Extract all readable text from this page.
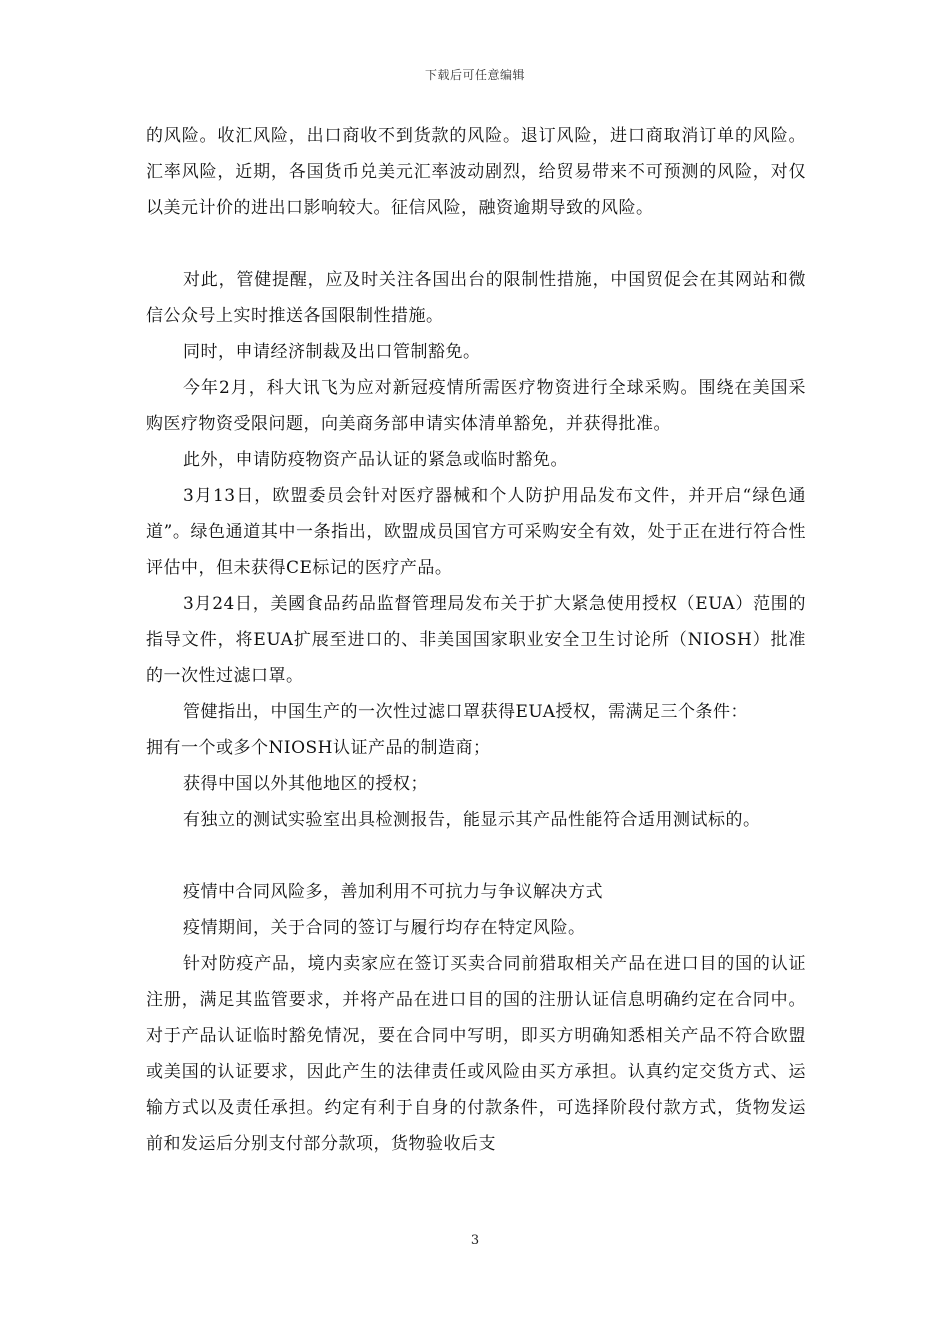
下载后可任意编辑

的风险。收汇风险，出口商收不到货款的风险。退订风险，进口商取消订单的风险。汇率风险，近期，各国货币兑美元汇率波动剧烈，给贸易带来不可预测的风险，对仅以美元计价的进出口影响较大。征信风险，融资逾期导致的风险。

对此，管健提醒，应及时关注各国出台的限制性措施，中国贸促会在其网站和微信公众号上实时推送各国限制性措施。

同时，申请经济制裁及出口管制豁免。

今年2月，科大讯飞为应对新冠疫情所需医疗物资进行全球采购。围绕在美国采购医疗物资受限问题，向美商务部申请实体清单豁免，并获得批准。

此外，申请防疫物资产品认证的紧急或临时豁免。

3月13日，欧盟委员会针对医疗器械和个人防护用品发布文件，并开启“绿色通道”。绿色通道其中一条指出，欧盟成员国官方可采购安全有效，处于正在进行符合性评估中，但未获得CE标记的医疗产品。

3月24日，美國食品药品监督管理局发布关于扩大紧急使用授权（EUA）范围的指导文件，将EUA扩展至进口的、非美国国家职业安全卫生讨论所（NIOSH）批准的一次性过滤口罩。

管健指出，中国生产的一次性过滤口罩获得EUA授权，需满足三个条件：

拥有一个或多个NIOSH认证产品的制造商；

获得中国以外其他地区的授权；

有独立的测试实验室出具检测报告，能显示其产品性能符合适用测试标的。

疫情中合同风险多，善加利用不可抗力与争议解决方式

疫情期间，关于合同的签订与履行均存在特定风险。

针对防疫产品，境内卖家应在签订买卖合同前猎取相关产品在进口目的国的认证注册，满足其监管要求，并将产品在进口目的国的注册认证信息明确约定在合同中。对于产品认证临时豁免情况，要在合同中写明，即买方明确知悉相关产品不符合欧盟或美国的认证要求，因此产生的法律责任或风险由买方承担。认真约定交货方式、运输方式以及责任承担。约定有利于自身的付款条件，可选择阶段付款方式，货物发运前和发运后分别支付部分款项，货物验收后支

3
